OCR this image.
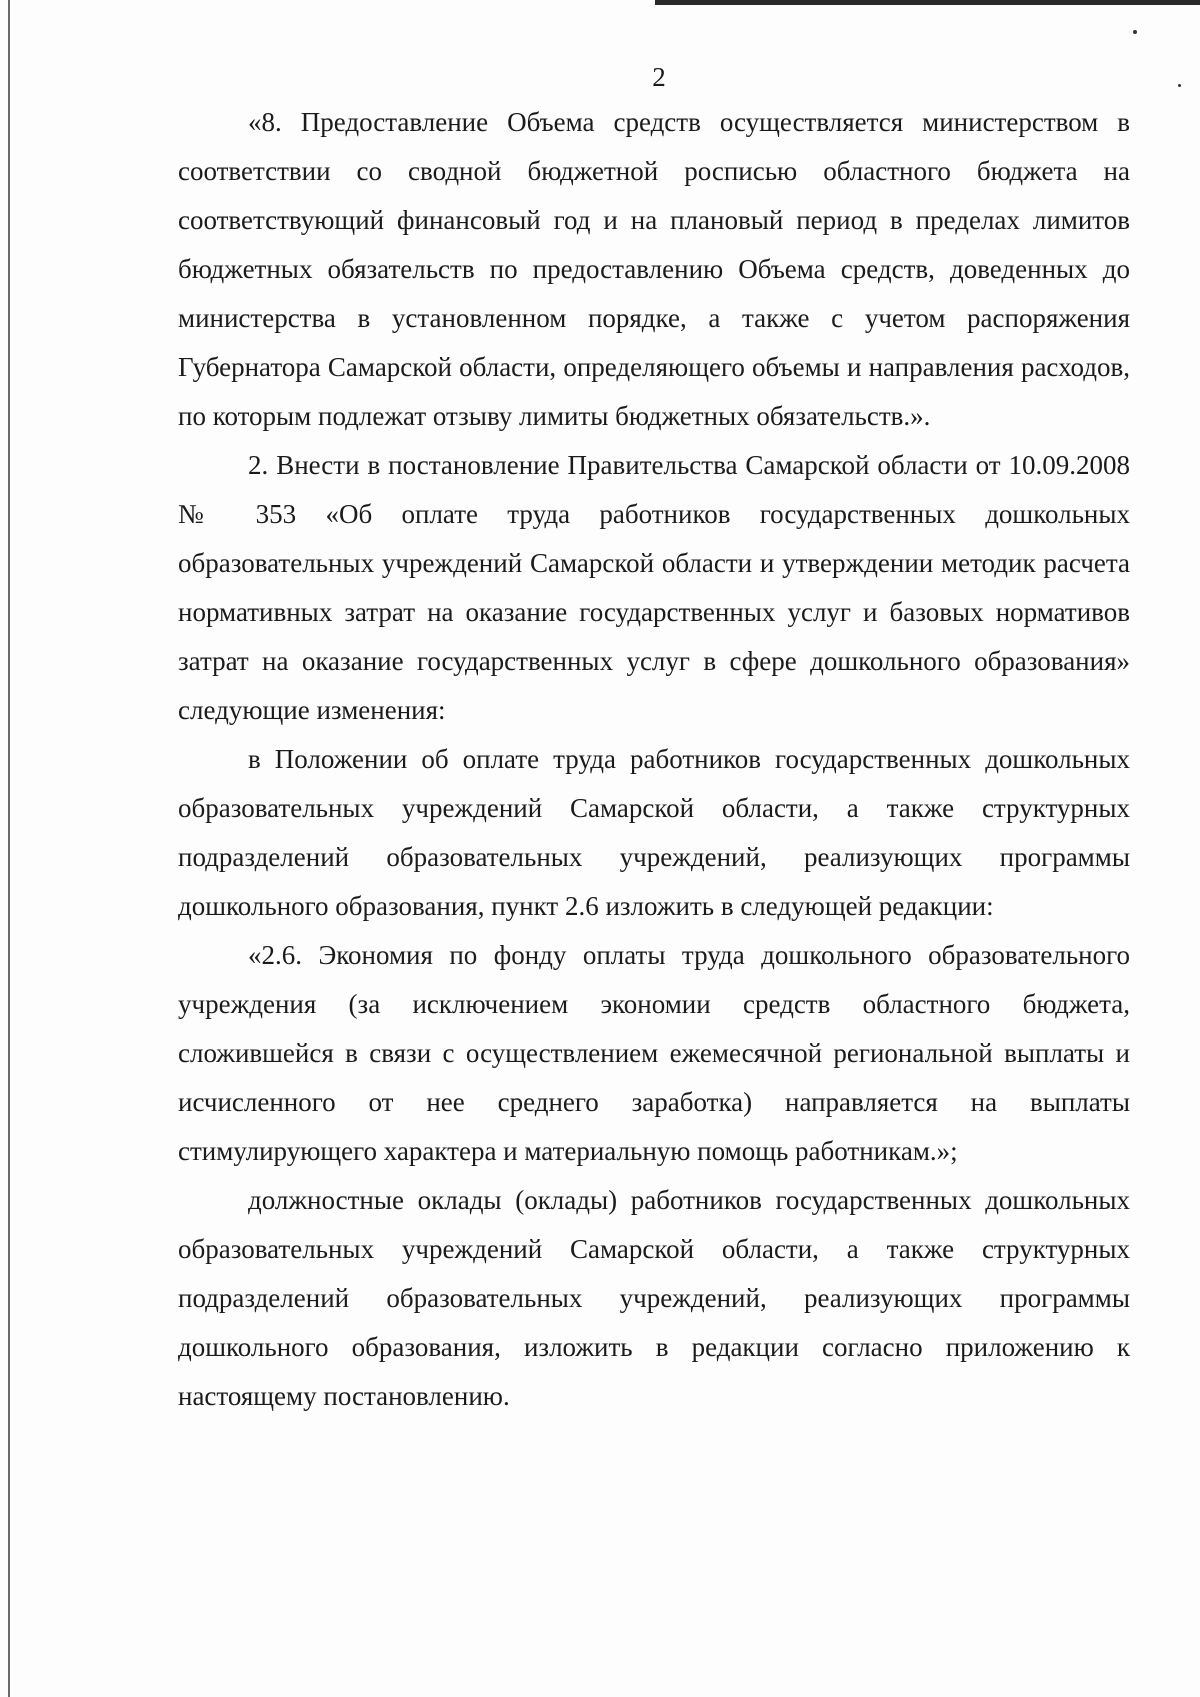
2

«8. Предоставление Объема средств осуществляется министерством в соответствии со сводной бюджетной росписью областного бюджета на соответствующий финансовый год и на плановый период в пределах лимитов бюджетных обязательств по предоставлению Объема средств, доведенных до министерства в установленном порядке, а также с учетом распоряжения Губернатора Самарской области, определяющего объемы и направления расходов, по которым подлежат отзыву лимиты бюджетных обязательств.».

2. Внести в постановление Правительства Самарской области от 10.09.2008 № 353 «Об оплате труда работников государственных дошкольных образовательных учреждений Самарской области и утверждении методик расчета нормативных затрат на оказание государственных услуг и базовых нормативов затрат на оказание государственных услуг в сфере дошкольного образования» следующие изменения:

в Положении об оплате труда работников государственных дошкольных образовательных учреждений Самарской области, а также структурных подразделений образовательных учреждений, реализующих программы дошкольного образования, пункт 2.6 изложить в следующей редакции:

«2.6. Экономия по фонду оплаты труда дошкольного образовательного учреждения (за исключением экономии средств областного бюджета, сложившейся в связи с осуществлением ежемесячной региональной выплаты и исчисленного от нее среднего заработка) направляется на выплаты стимулирующего характера и материальную помощь работникам.»;

должностные оклады (оклады) работников государственных дошкольных образовательных учреждений Самарской области, а также структурных подразделений образовательных учреждений, реализующих программы дошкольного образования, изложить в редакции согласно приложению к настоящему постановлению.
